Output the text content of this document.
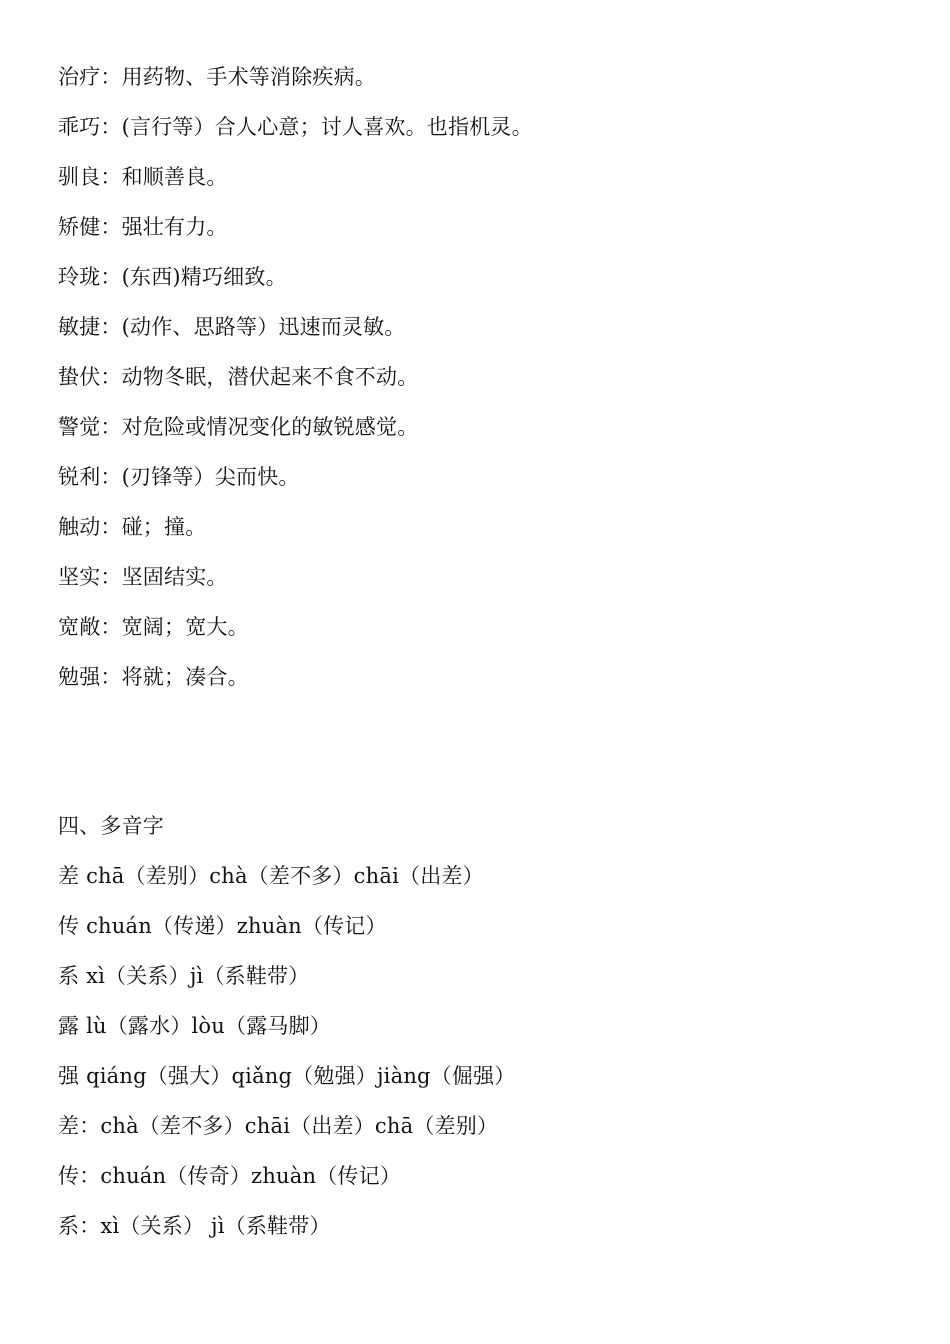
治疗：用药物、手术等消除疾病。
乖巧：(言行等）合人心意；讨人喜欢。也指机灵。
驯良：和顺善良。
矫健：强壮有力。
玲珑：(东西)精巧细致。
敏捷：(动作、思路等）迅速而灵敏。
蛰伏：动物冬眠，潜伏起来不食不动。
警觉：对危险或情况变化的敏锐感觉。
锐利：(刃锋等）尖而快。
触动：碰；撞。
坚实：坚固结实。
宽敞：宽阔；宽大。
勉强：将就；凑合。
四、多音字
差 chā（差别）chà（差不多）chāi（出差）
传 chuán（传递）zhuàn（传记）
系 xì（关系）jì（系鞋带）
露 lù（露水）lòu（露马脚）
强 qiáng（强大）qiǎng（勉强）jiàng（倔强）
差：chà（差不多）chāi（出差）chā（差别）
传：chuán（传奇）zhuàn（传记）
系：xì（关系） jì（系鞋带）
